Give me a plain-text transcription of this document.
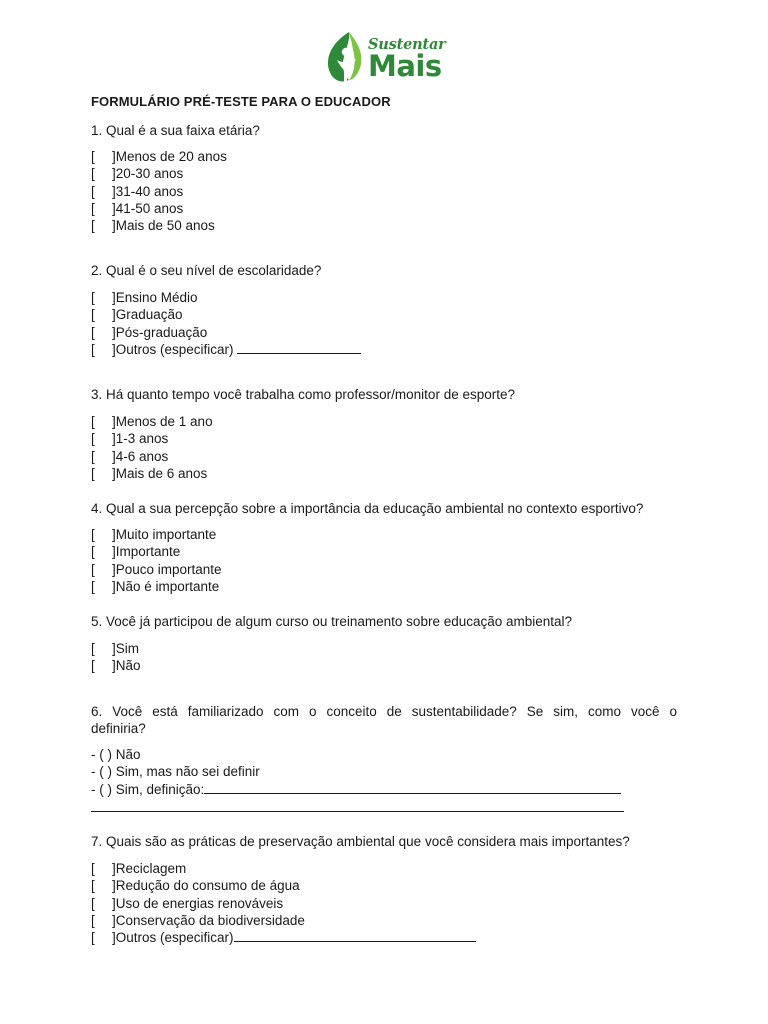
Sustentar
Mais
FORMULÁRIO PRÉ-TESTE PARA O EDUCADOR
1. Qual é a sua faixa etária?
[ ]Menos de 20 anos
[ ]20-30 anos
[ ]31-40 anos
[ ]41-50 anos
[ ]Mais de 50 anos
2. Qual é o seu nível de escolaridade?
[ ]Ensino Médio
[ ]Graduação
[ ]Pós-graduação
[ ]Outros (especificar)
3. Há quanto tempo você trabalha como professor/monitor de esporte?
[ ]Menos de 1 ano
[ ]1-3 anos
[ ]4-6 anos
[ ]Mais de 6 anos
4. Qual a sua percepção sobre a importância da educação ambiental no contexto esportivo?
[ ]Muito importante
[ ]Importante
[ ]Pouco importante
[ ]Não é importante
5. Você já participou de algum curso ou treinamento sobre educação ambiental?
[ ]Sim
[ ]Não
6. Você está familiarizado com o conceito de sustentabilidade? Se sim, como você o definiria?
- ( ) Não
- ( ) Sim, mas não sei definir
- ( ) Sim, definição:
7. Quais são as práticas de preservação ambiental que você considera mais importantes?
[ ]Reciclagem
[ ]Redução do consumo de água
[ ]Uso de energias renováveis
[ ]Conservação da biodiversidade
[ ]Outros (especificar)
